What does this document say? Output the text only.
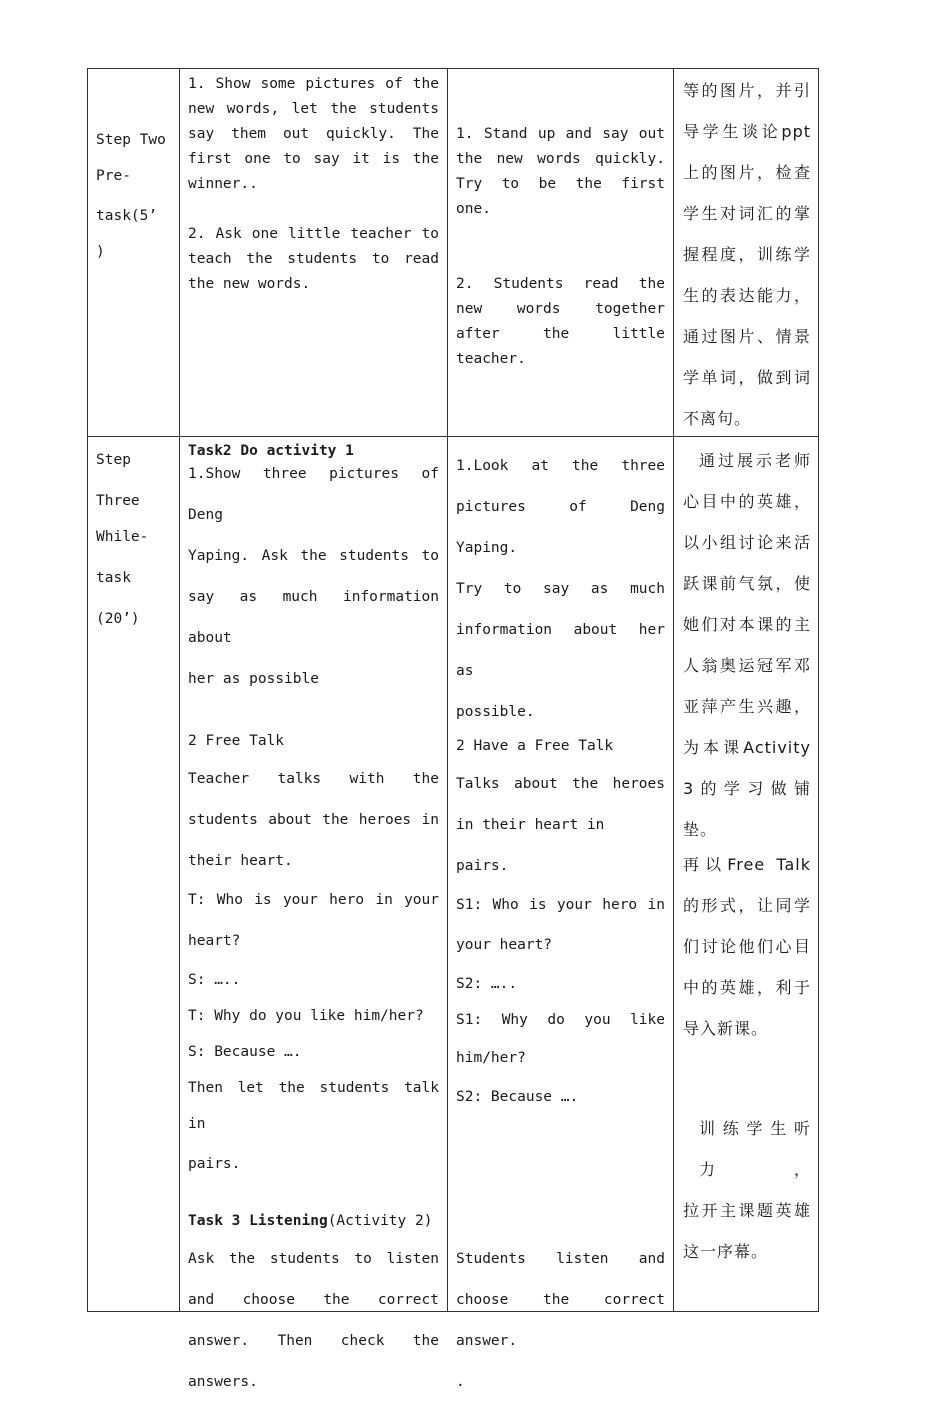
Step Two

Pre-

task(5’

)

1. Show some pictures of the new words, let the students say them out quickly. The first one to say it is the winner..

2. Ask one little teacher to teach the students to read the new words.

1. Stand up and say out the new words quickly. Try to be the first one.

2. Students read the new words together after the little teacher.

等的图片，并引

导学生谈论ppt

上的图片，检查

学生对词汇的掌

握程度，训练学

生的表达能力，

通过图片、情景

学单词，做到词

不离句。

Step

Three

While-

task

(20’)

Task2 Do activity 1

1.Show three pictures of Deng

Yaping. Ask the students to

say as much information about

her as possible

2 Free Talk

Teacher talks with the

students about the heroes in

their heart.

T: Who is your hero in your

heart?

S: …..

T: Why do you like him/her?

S: Because ….

Then let the students talk in

pairs.

Task 3 Listening(Activity 2)

Ask the students to listen

and choose the correct

answer. Then check the

answers.

1.Look at the three

pictures of Deng Yaping.

Try to say as much

information about her as

possible.

2 Have a Free Talk

Talks about the heroes

in their heart in pairs.

S1: Who is your hero in

your heart?

S2: …..

S1: Why do you like

him/her?

S2: Because ….

Students listen and

choose the correct

answer.

.

通过展示老师

心目中的英雄，

以小组讨论来活

跃课前气氛，使

她们对本课的主

人翁奥运冠军邓

亚萍产生兴趣，

为本课Activity

3的学习做铺

垫。

再以Free Talk

的形式，让同学

们讨论他们心目

中的英雄，利于

导入新课。

训练学生听力，

拉开主课题英雄

这一序幕。
